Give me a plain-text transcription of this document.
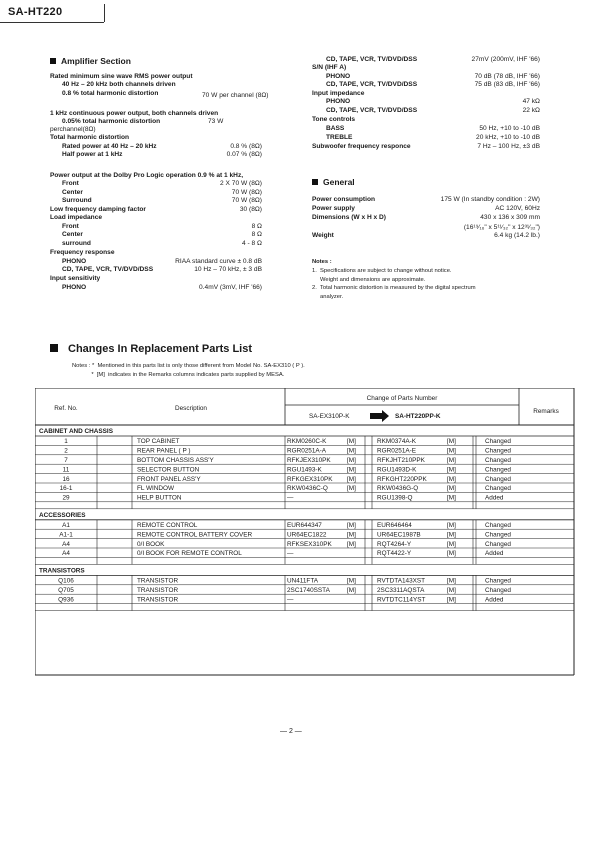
SA-HT220
Amplifier Section
Rated minimum sine wave RMS power output
40 Hz – 20 kHz both channels driven
0.8 % total harmonic distortion	70 W per channel (8Ω)
1 kHz continuous power output, both channels driven
0.05% total harmonic distortion	73 W
perchannel(8Ω)
Total harmonic distortion
Rated power at 40 Hz – 20 kHz	0.8 % (8Ω)
Half power at 1 kHz	0.07 % (8Ω)
Power output at the Dolby Pro Logic operation 0.9 % at 1 kHz,
Front	2 X 70 W (8Ω)
Center	70 W (8Ω)
Surround	70 W (8Ω)
Low frequency damping factor	30 (8Ω)
Load impedance
Front	8 Ω
Center	8 Ω
surround	4 - 8 Ω
Frequency response
PHONO	RIAA standard curve ± 0.8 dB
CD, TAPE, VCR, TV/DVD/DSS	10 Hz – 70 kHz, ± 3 dB
Input sensitivity
PHONO	0.4mV (3mV, IHF '66)
CD, TAPE, VCR, TV/DVD/DSS	27mV (200mV, IHF '66)
S/N (IHF A)
PHONO	70 dB (78 dB, IHF '66)
CD, TAPE, VCR, TV/DVD/DSS	75 dB (83 dB, IHF '66)
Input impedance
PHONO	47 kΩ
CD, TAPE, VCR, TV/DVD/DSS	22 kΩ
Tone controls
BASS	50 Hz, +10 to -10 dB
TREBLE	20 kHz, +10 to -10 dB
Subwoofer frequency responce	7 Hz – 100 Hz, ±3 dB
General
Power consumption	175 W (In standby condition : 2W)
Power supply	AC 120V, 60Hz
Dimensions (W x H x D)	430 x 136 x 309 mm
(16¹⁹⁄₁₆" x 5¹¹⁄₃₂" x 12³¹⁄₃₂")
Weight	6.4 kg (14.2 lb.)
Notes :
1.  Specifications are subject to change without notice.
Weight and dimensions are approximate.
2.  Total harmonic distortion is measured by the digital spectrum
analyzer.
Changes In Replacement Parts List
Notes : *  Mentioned in this parts list is only those different from Model No. SA-EX310 ( P ).
*  [M]  indicates in the Remarks columns indicates parts supplied by MESA.
Ref. No.	Description
Change of Parts Number
SA-EX310P-K	SA-HT220PP-K
Remarks
CABINET AND CHASSIS
1	TOP CABINET	RKM0260C-K	[M]	RKM0374A-K	[M]	Changed
2	REAR PANEL ( P )	RGR0251A-A	[M]	RGR0251A-E	[M]	Changed
7	BOTTOM CHASSIS ASS'Y	RFKJEX310PK	[M]	RFKJHT210PPK	[M]	Changed
11	SELECTOR BUTTON	RGU1493-K	[M]	RGU1493D-K	[M]	Changed
16	FRONT PANEL ASS'Y	RFKGEX310PK [M]	RFKGHT220PPK	[M]	Changed
16-1	FL WINDOW	RKW0436C-Q	[M]	RKW0436G-Q	[M]	Changed
29	HELP BUTTON	—	RGU1398-Q	[M]	Added
ACCESSORIES
A1	REMOTE CONTROL	EUR644347	[M]	EUR646464	[M]	Changed
A1-1	REMOTE CONTROL BATTERY COVER	UR64EC1822	[M]	UR64EC1987B	[M]	Changed
A4	0/I BOOK	RFKSEX310PK [M]	RQT4264-Y	[M]	Changed
A4	0/I BOOK FOR REMOTE CONTROL	—	RQT4422-Y	[M]	Added
TRANSISTORS
Q106	TRANSISTOR	UN411FTA	[M]	RVTDTA143XST	[M]	Changed
Q705	TRANSISTOR	2SC1740SSTA	[M]	2SC3311AQSTA	[M]	Changed
Q936	TRANSISTOR	—	RVTDTC114YST	[M]	Added
— 2 —
